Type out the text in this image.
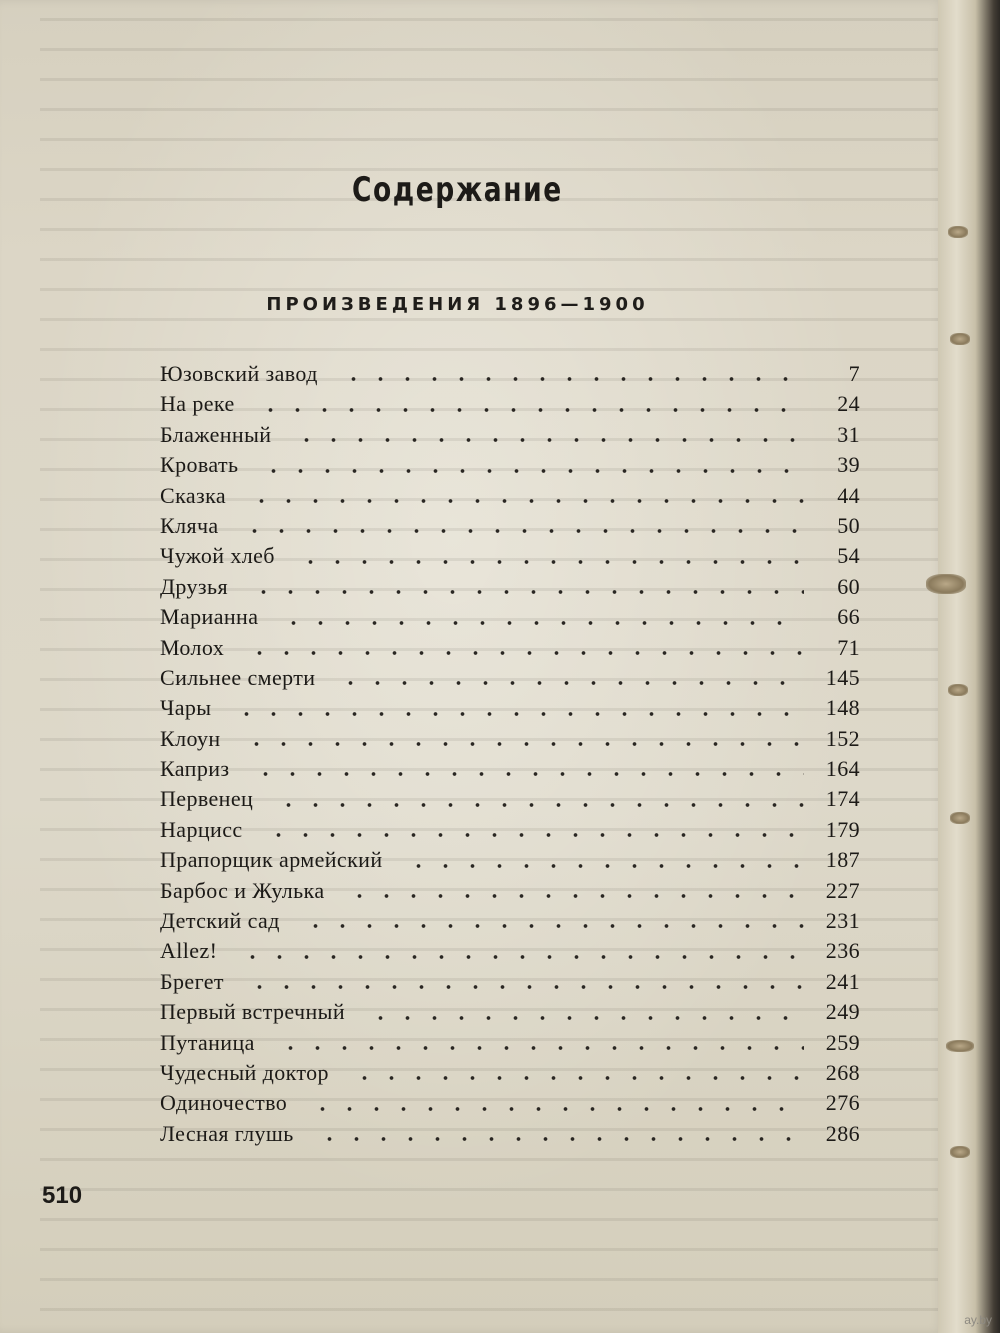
Содержание
ПРОИЗВЕДЕНИЯ 1896—1900
Юзовский завод	7
На реке	24
Блаженный	31
Кровать	39
Сказка	44
Кляча	50
Чужой хлеб	54
Друзья	60
Марианна	66
Молох	71
Сильнее смерти	145
Чары	148
Клоун	152
Каприз	164
Первенец	174
Нарцисс	179
Прапорщик армейский	187
Барбос и Жулька	227
Детский сад	231
Allez!	236
Брегет	241
Первый встречный	249
Путаница	259
Чудесный доктор	268
Одиночество	276
Лесная глушь	286
510
ay.by
